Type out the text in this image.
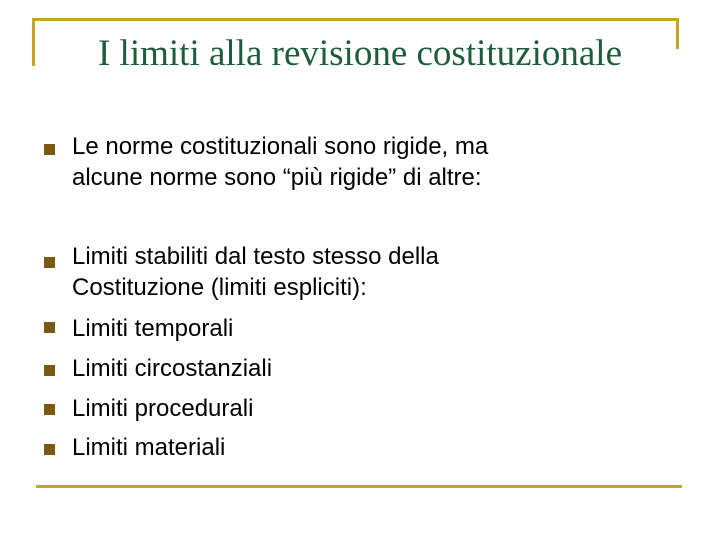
I limiti alla revisione costituzionale
Le norme costituzionali sono rigide, ma
alcune norme sono “più rigide” di altre:
Limiti stabiliti dal testo stesso della
Costituzione (limiti espliciti):
Limiti temporali
Limiti circostanziali
Limiti procedurali
Limiti materiali
